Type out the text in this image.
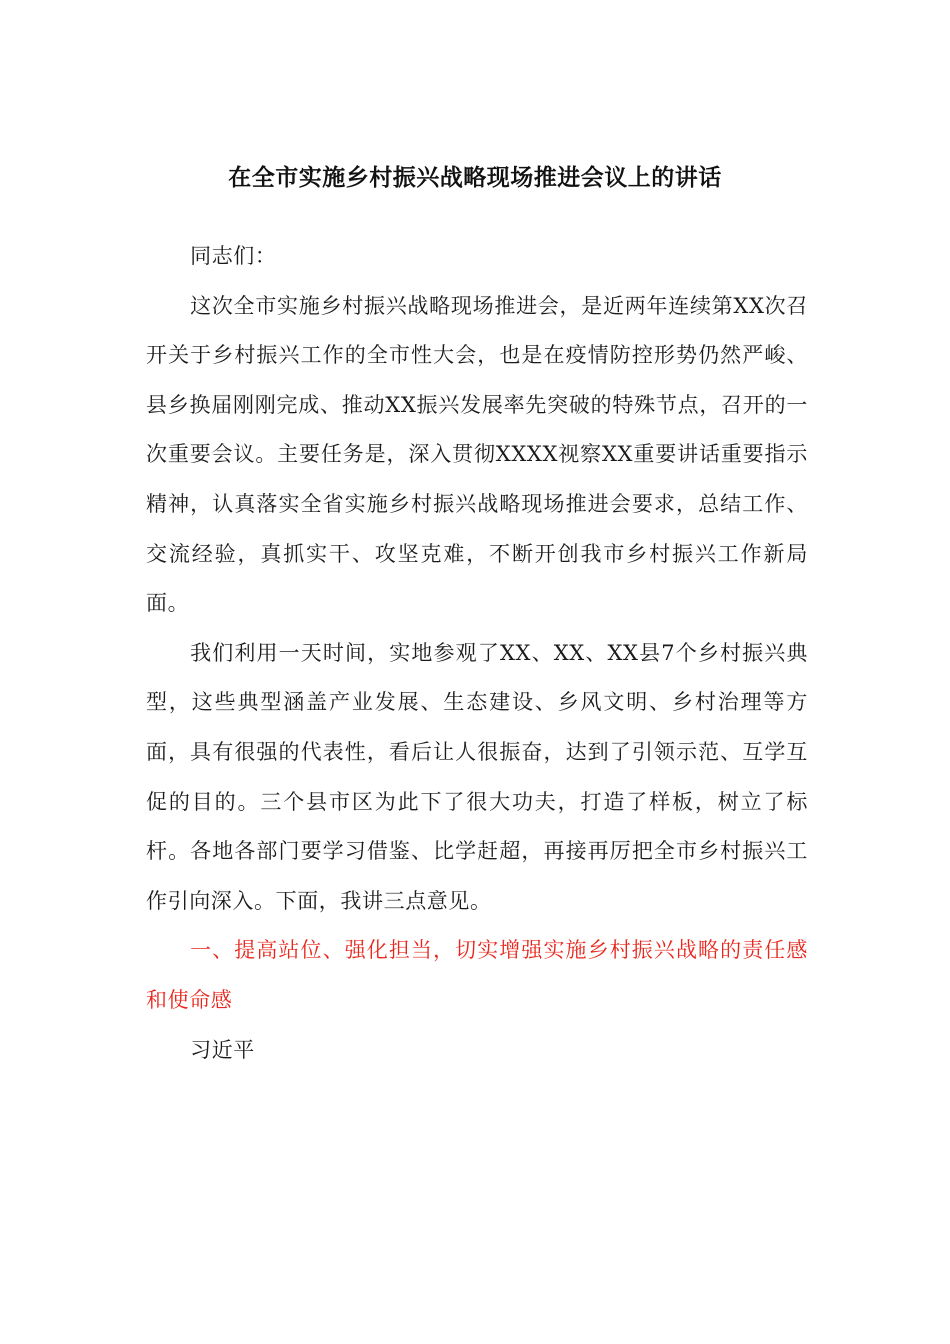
在全市实施乡村振兴战略现场推进会议上的讲话

同志们：

这次全市实施乡村振兴战略现场推进会，是近两年连续第XX次召开关于乡村振兴工作的全市性大会，也是在疫情防控形势仍然严峻、县乡换届刚刚完成、推动XX振兴发展率先突破的特殊节点，召开的一次重要会议。主要任务是，深入贯彻XXXX视察XX重要讲话重要指示精神，认真落实全省实施乡村振兴战略现场推进会要求，总结工作、交流经验，真抓实干、攻坚克难，不断开创我市乡村振兴工作新局面。

我们利用一天时间，实地参观了XX、XX、XX县7个乡村振兴典型，这些典型涵盖产业发展、生态建设、乡风文明、乡村治理等方面，具有很强的代表性，看后让人很振奋，达到了引领示范、互学互促的目的。三个县市区为此下了很大功夫，打造了样板，树立了标杆。各地各部门要学习借鉴、比学赶超，再接再厉把全市乡村振兴工作引向深入。下面，我讲三点意见。

一、提高站位、强化担当，切实增强实施乡村振兴战略的责任感和使命感

习近平
